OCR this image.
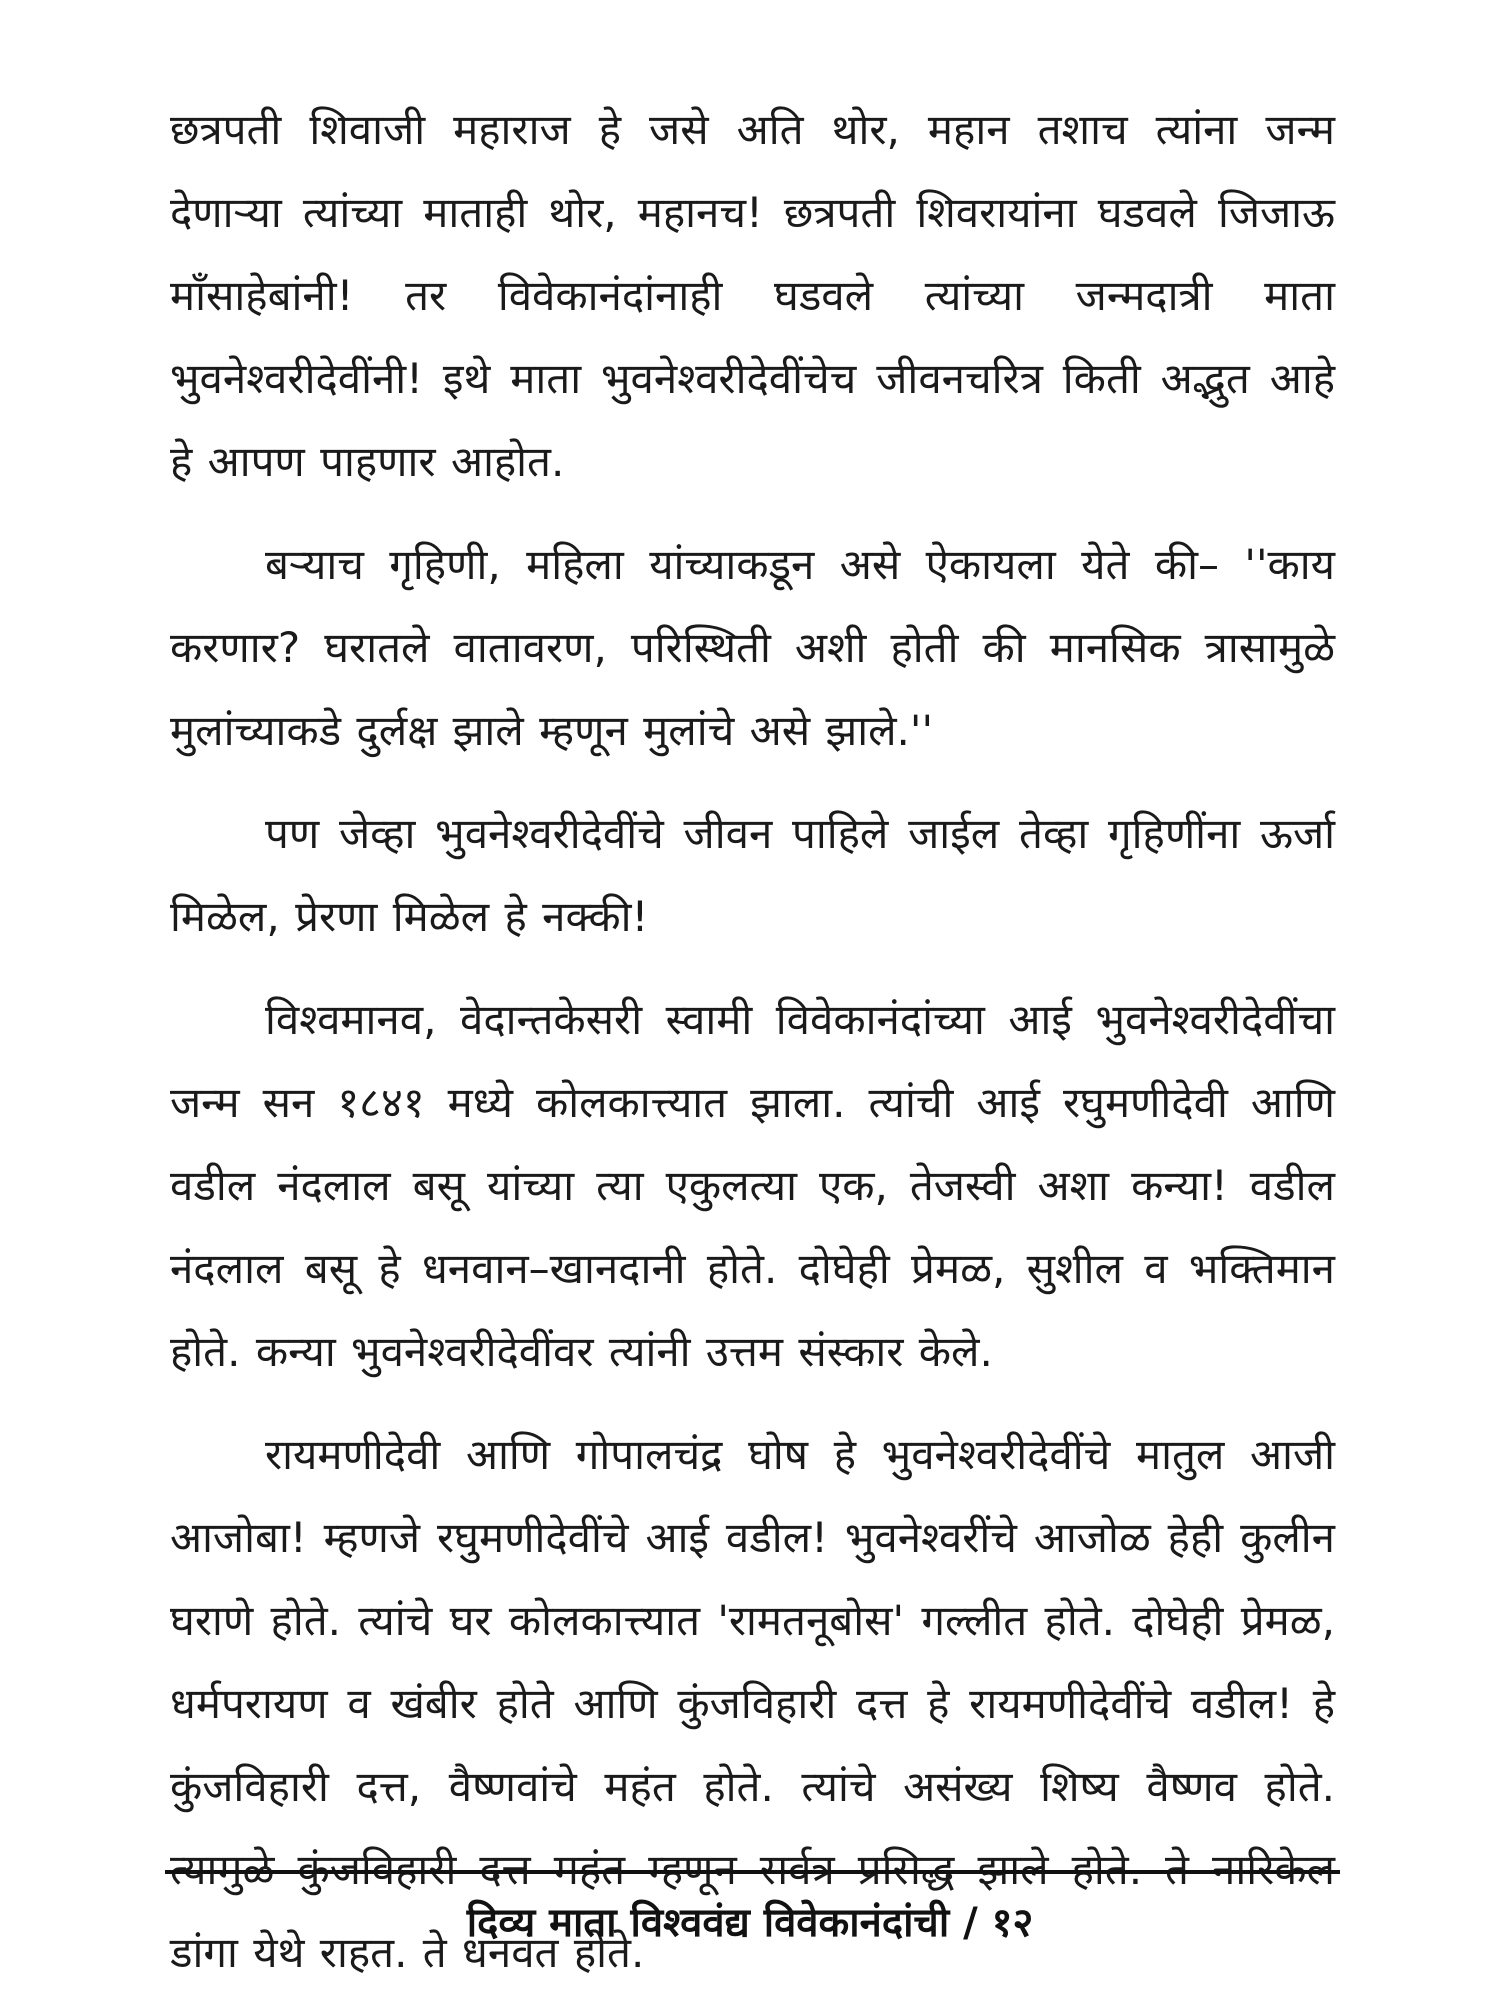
छत्रपती शिवाजी महाराज हे जसे अति थोर, महान तशाच त्यांना जन्म देणाऱ्या त्यांच्या माताही थोर, महानच! छत्रपती शिवरायांना घडवले जिजाऊ माँसाहेबांनी! तर विवेकानंदांनाही घडवले त्यांच्या जन्मदात्री माता भुवनेश्वरीदेवींनी! इथे माता भुवनेश्वरीदेवींचेच जीवनचरित्र किती अद्भुत आहे हे आपण पाहणार आहोत.

बऱ्याच गृहिणी, महिला यांच्याकडून असे ऐकायला येते की– ''काय करणार? घरातले वातावरण, परिस्थिती अशी होती की मानसिक त्रासामुळे मुलांच्याकडे दुर्लक्ष झाले म्हणून मुलांचे असे झाले.''

पण जेव्हा भुवनेश्वरीदेवींचे जीवन पाहिले जाईल तेव्हा गृहिणींना ऊर्जा मिळेल, प्रेरणा मिळेल हे नक्की!

विश्वमानव, वेदान्तकेसरी स्वामी विवेकानंदांच्या आई भुवनेश्वरीदेवींचा जन्म सन १८४१ मध्ये कोलकात्त्यात झाला. त्यांची आई रघुमणीदेवी आणि वडील नंदलाल बसू यांच्या त्या एकुलत्या एक, तेजस्वी अशा कन्या! वडील नंदलाल बसू हे धनवान–खानदानी होते. दोघेही प्रेमळ, सुशील व भक्तिमान होते. कन्या भुवनेश्वरीदेवींवर त्यांनी उत्तम संस्कार केले.

रायमणीदेवी आणि गोपालचंद्र घोष हे भुवनेश्वरीदेवींचे मातुल आजी आजोबा! म्हणजे रघुमणीदेवींचे आई वडील! भुवनेश्वरींचे आजोळ हेही कुलीन घराणे होते. त्यांचे घर कोलकात्त्यात 'रामतनूबोस' गल्लीत होते. दोघेही प्रेमळ, धर्मपरायण व खंबीर होते आणि कुंजविहारी दत्त हे रायमणीदेवींचे वडील! हे कुंजविहारी दत्त, वैष्णवांचे महंत होते. त्यांचे असंख्य शिष्य वैष्णव होते. त्यामुळे कुंजविहारी दत्त महंत म्हणून सर्वत्र प्रसिद्ध झाले होते. ते नारिकेल डांगा येथे राहत. ते धनवंत होते.

दिव्य माता विश्ववंद्य विवेकानंदांची / १२
